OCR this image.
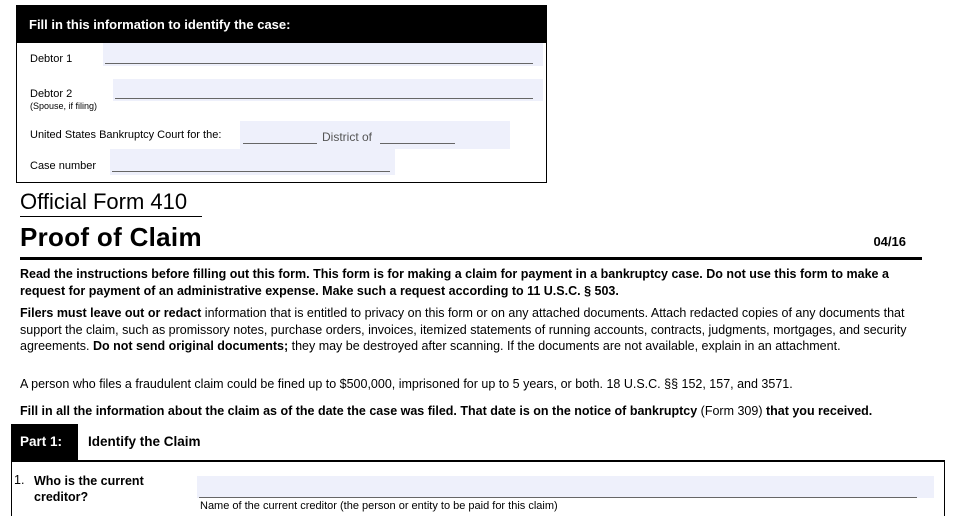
Fill in this information to identify the case:
Debtor 1
Debtor 2
(Spouse, if filing)
United States Bankruptcy Court for the:	District of
Case number
Official Form 410
Proof of Claim	04/16
Read the instructions before filling out this form. This form is for making a claim for payment in a bankruptcy case. Do not use this form to make a request for payment of an administrative expense. Make such a request according to 11 U.S.C. § 503.
Filers must leave out or redact information that is entitled to privacy on this form or on any attached documents. Attach redacted copies of any documents that support the claim, such as promissory notes, purchase orders, invoices, itemized statements of running accounts, contracts, judgments, mortgages, and security agreements. Do not send original documents; they may be destroyed after scanning. If the documents are not available, explain in an attachment.
A person who files a fraudulent claim could be fined up to $500,000, imprisoned for up to 5 years, or both. 18 U.S.C. §§ 152, 157, and 3571.
Fill in all the information about the claim as of the date the case was filed. That date is on the notice of bankruptcy (Form 309) that you received.
Part 1:	Identify the Claim
1. Who is the current
creditor?
Name of the current creditor (the person or entity to be paid for this claim)
